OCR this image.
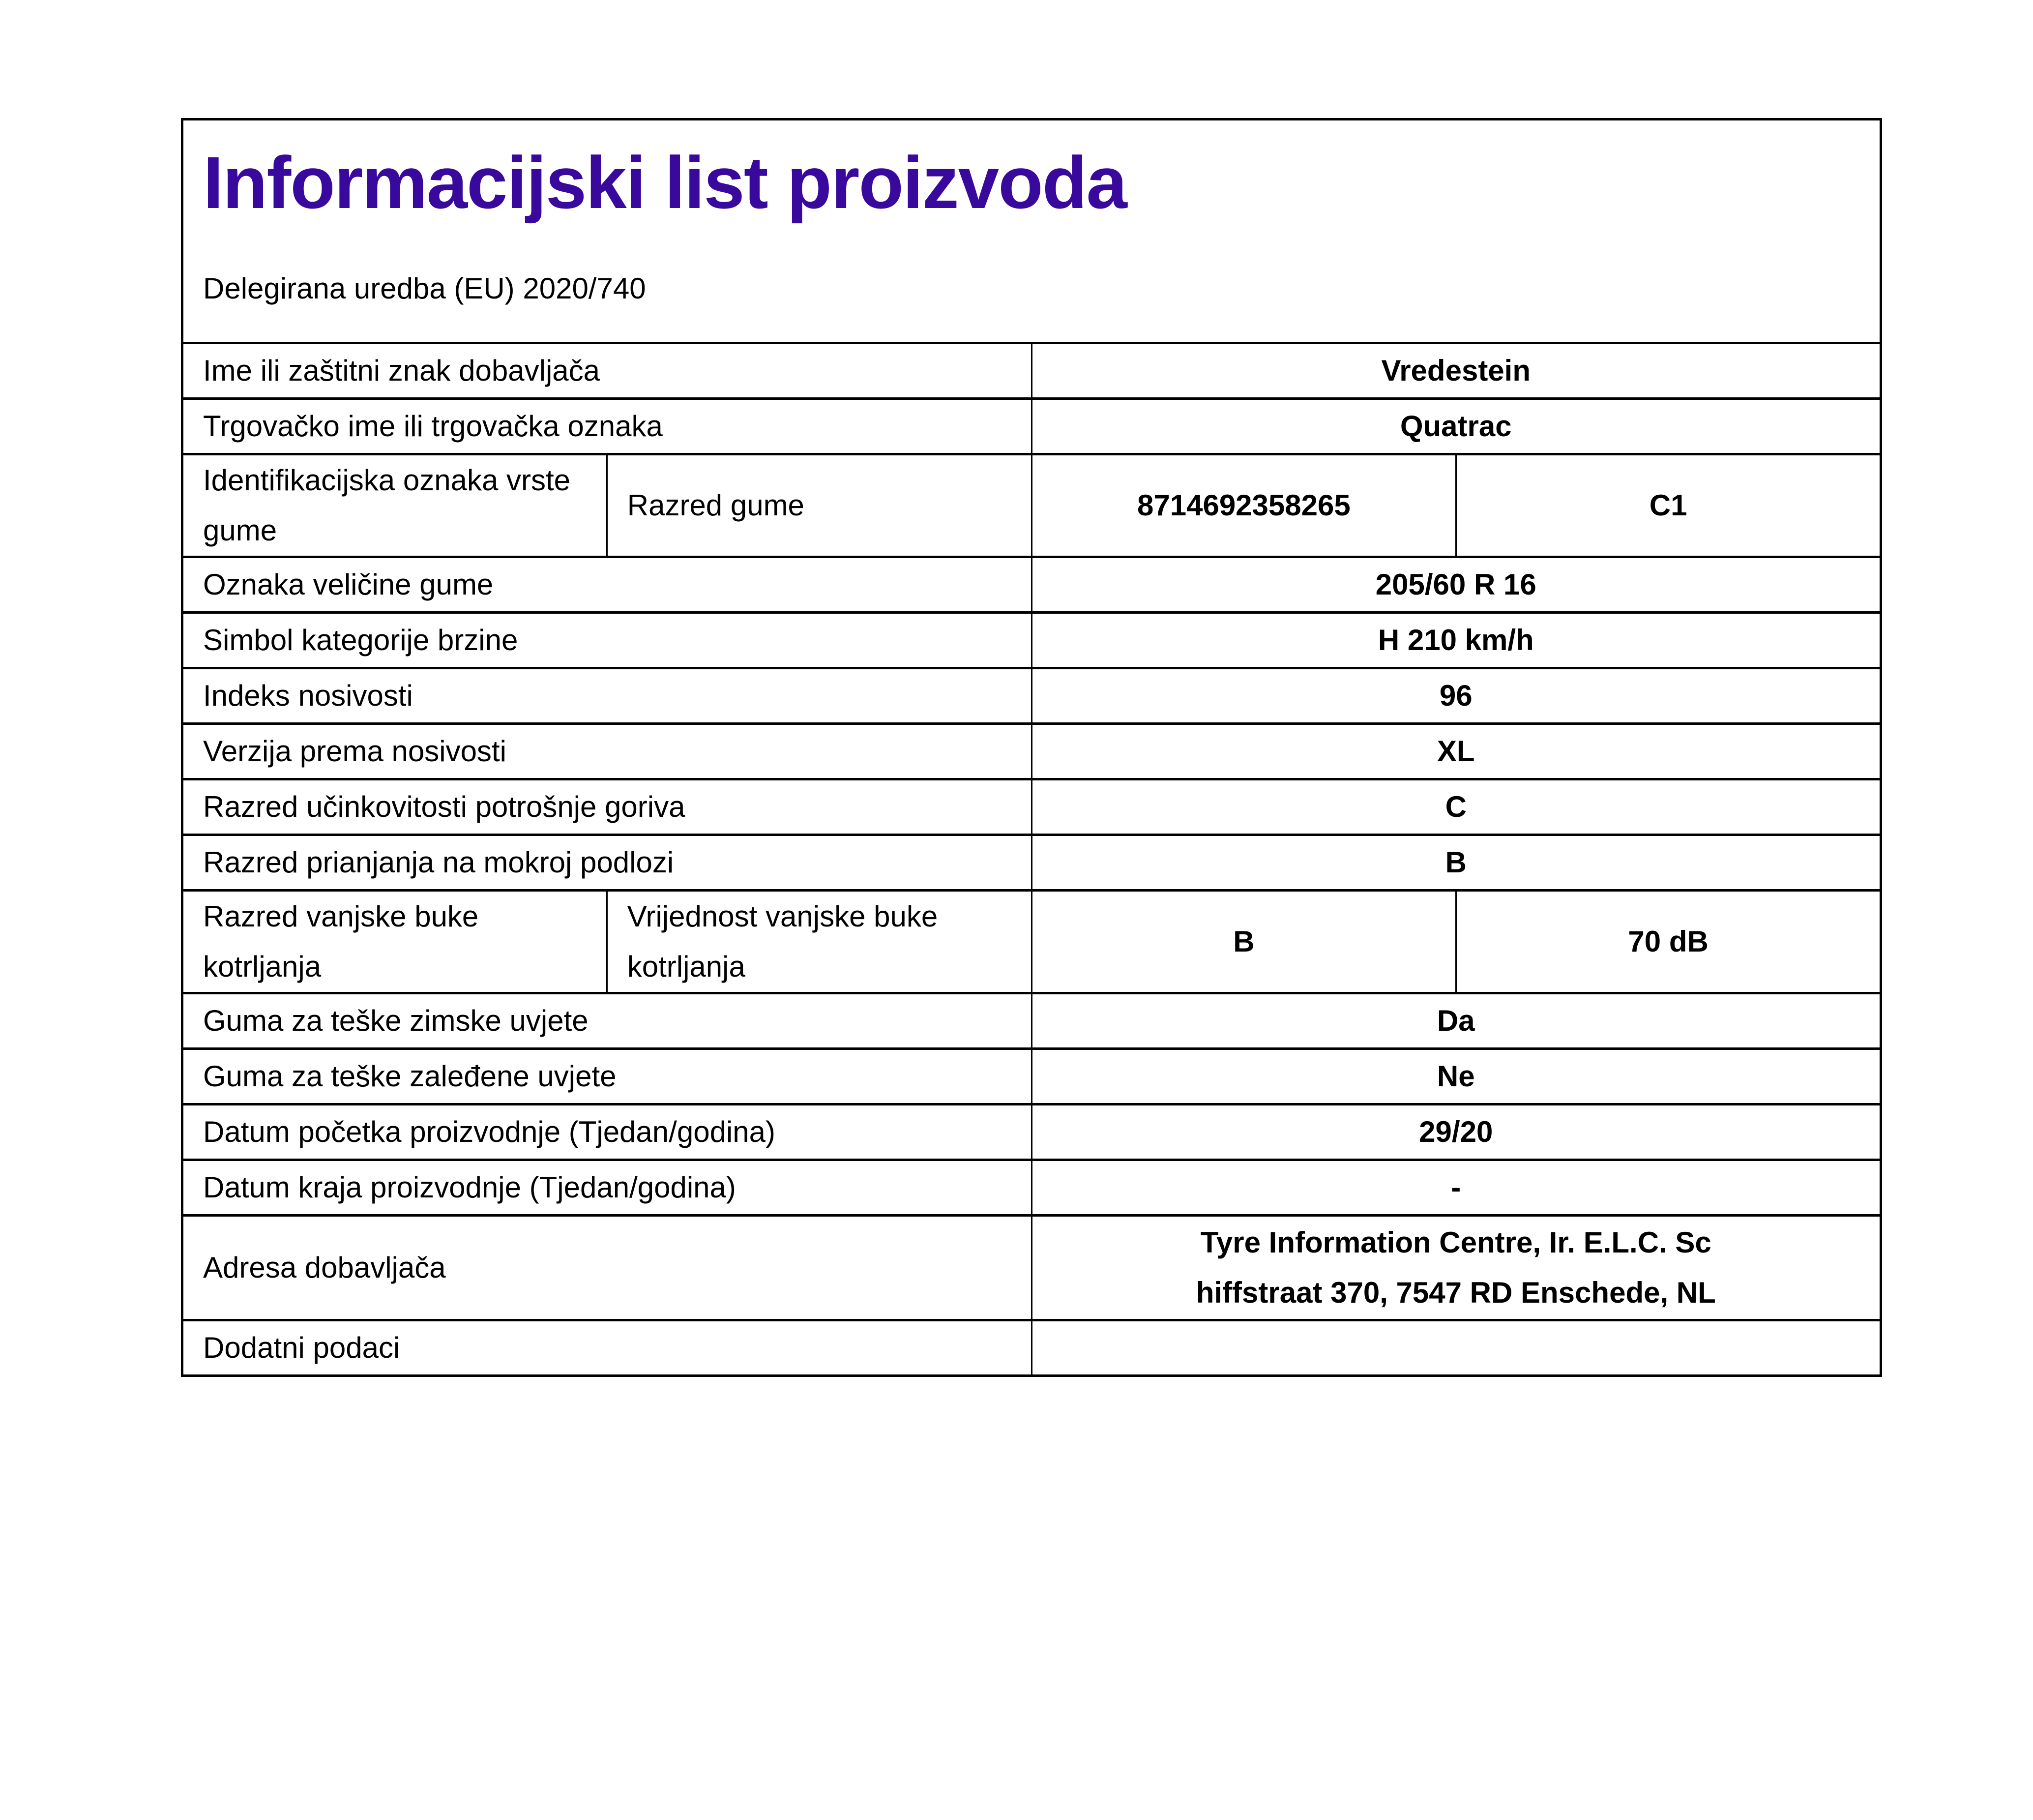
Informacijski list proizvoda

Delegirana uredba (EU) 2020/740

Ime ili zaštitni znak dobavljača		Vredestein	
Trgovačko ime ili trgovačka oznaka		Quatrac	
Identifikacijska oznaka vrste gume	Razred gume	8714692358265	C1
Oznaka veličine gume		205/60 R 16	
Simbol kategorije brzine		H 210 km/h	
Indeks nosivosti		96	
Verzija prema nosivosti		XL	
Razred učinkovitosti potrošnje goriva		C	
Razred prianjanja na mokroj podlozi		B	
Razred vanjske buke kotrljanja	Vrijednost vanjske buke kotrljanja	B	70 dB
Guma za teške zimske uvjete		Da	
Guma za teške zaleđene uvjete		Ne	
Datum početka proizvodnje (Tjedan/godina)		29/20	
Datum kraja proizvodnje (Tjedan/godina)		-	
Adresa dobavljača		Tyre Information Centre, Ir. E.L.C. Sc
hiffstraat 370, 7547 RD Enschede, NL	

Dodatni podaci			
